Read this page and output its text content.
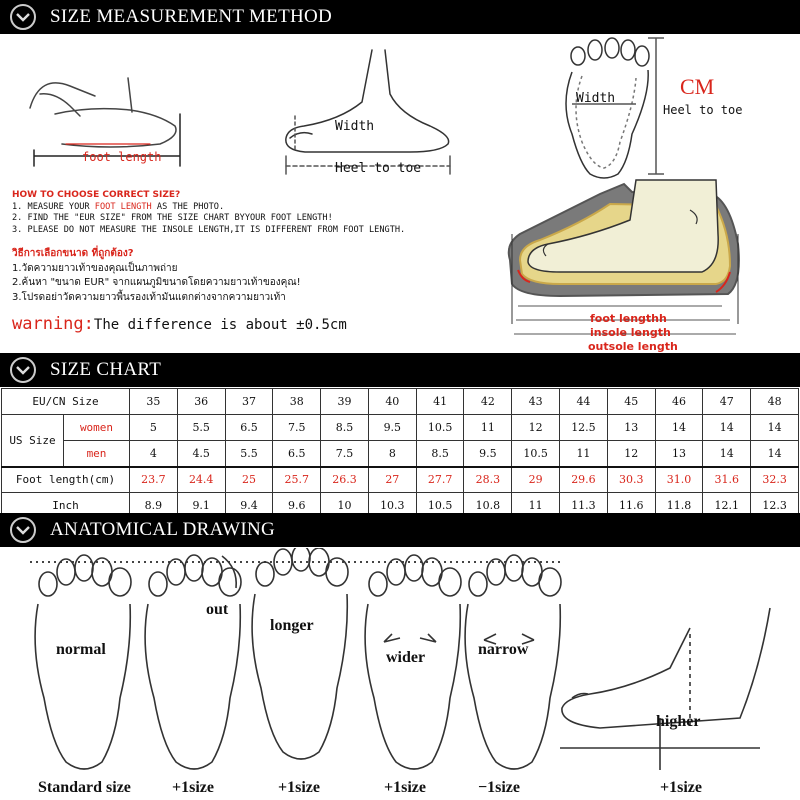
SIZE MEASUREMENT METHOD
foot length
Width
Heel to toe
Width	CM
Heel to toe
foot lengthh
insole length
outsole length
HOW TO CHOOSE CORRECT SIZE?
1. MEASURE YOUR FOOT LENGTH AS THE PHOTO.
2. FIND THE "EUR SIZE" FROM THE SIZE CHART BYYOUR FOOT LENGTH!
3. PLEASE DO NOT MEASURE THE INSOLE LENGTH,IT IS DIFFERENT FROM FOOT LENGTH.
วิธีการเลือกขนาด ที่ถูกต้อง?
1.วัดความยาวเท้าของคุณเป็นภาพถ่าย
2.ค้นหา "ขนาด EUR" จากแผนภูมิขนาดโดยความยาวเท้าของคุณ!
3.โปรดอย่าวัดความยาวพื้นรองเท้ามันแตกต่างจากความยาวเท้า
warning:The difference is about ±0.5cm
SIZE CHART
EU/CN Size		35	36	37	38	39	40	41	42	43	44	45	46	47	48
US Size	women	5	5.5	6.5	7.5	8.5	9.5	10.5	11	12	12.5	13	14	14	14
	men	4	4.5	5.5	6.5	7.5	8	8.5	9.5	10.5	11	12	13	14	14
Foot length(cm)		23.7	24.4	25	25.7	26.3	27	27.7	28.3	29	29.6	30.3	31.0	31.6	32.3
Inch		8.9	9.1	9.4	9.6	10	10.3	10.5	10.8	11	11.3	11.6	11.8	12.1	12.3
ANATOMICAL DRAWING
normal
out
longer
wider	narrow
higher
Standard size	+1size	+1size	+1size	−1size	+1size
